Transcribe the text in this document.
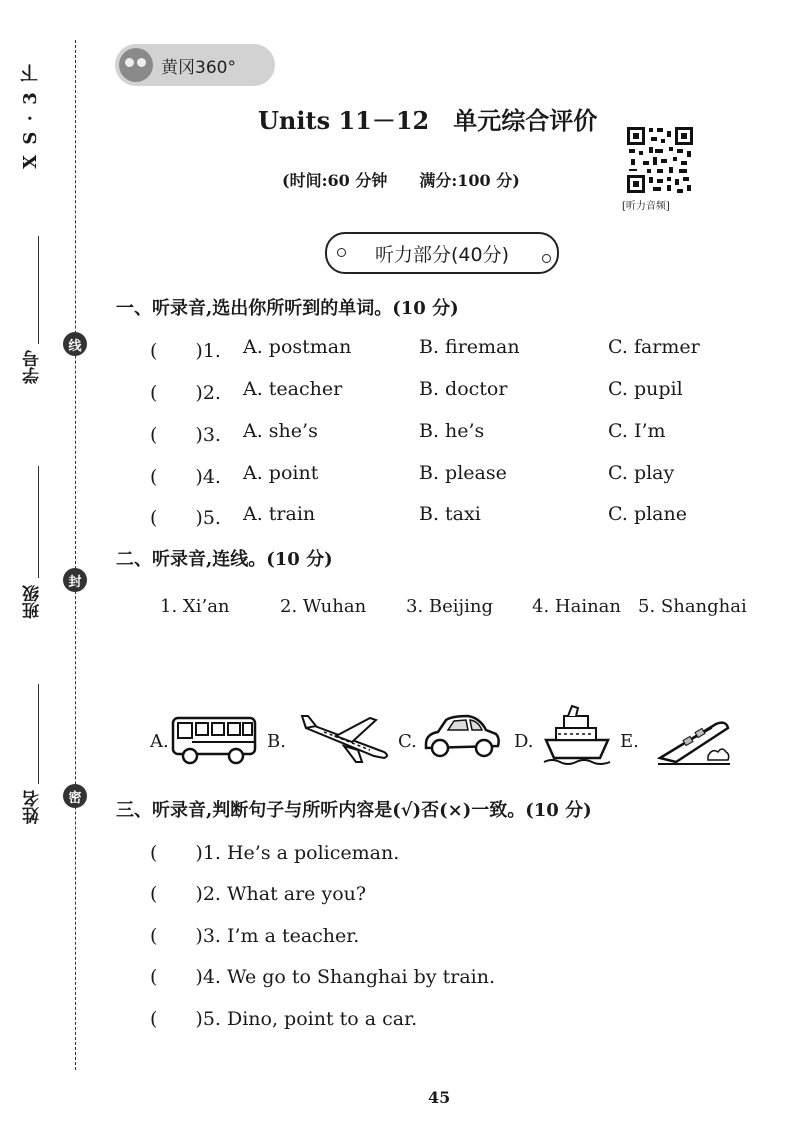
X S · 3 下
学号
班级
姓名
线
封
密
黄冈360°
Units 11－12　单元综合评价
(时间:60 分钟　　满分:100 分)
[听力音频]
听力部分(40分)
一、听录音,选出你所听到的单词。(10 分)
(　　)1. A. postman	B. fireman	C. farmer
(　　)2. A. teacher	B. doctor	C. pupil
(　　)3. A. she’s	B. he’s	C. I’m
(　　)4. A. point	B. please	C. play
(　　)5. A. train	B. taxi	C. plane
二、听录音,连线。(10 分)
1. Xi’an	2. Wuhan 3. Beijing 4. Hainan 5. Shanghai
A.	B.	C.	D.	E.
三、听录音,判断句子与所听内容是(√)否(×)一致。(10 分)
(　　)1. He’s a policeman.
(　　)2. What are you?
(　　)3. I’m a teacher.
(　　)4. We go to Shanghai by train.
(　　)5. Dino, point to a car.
45
